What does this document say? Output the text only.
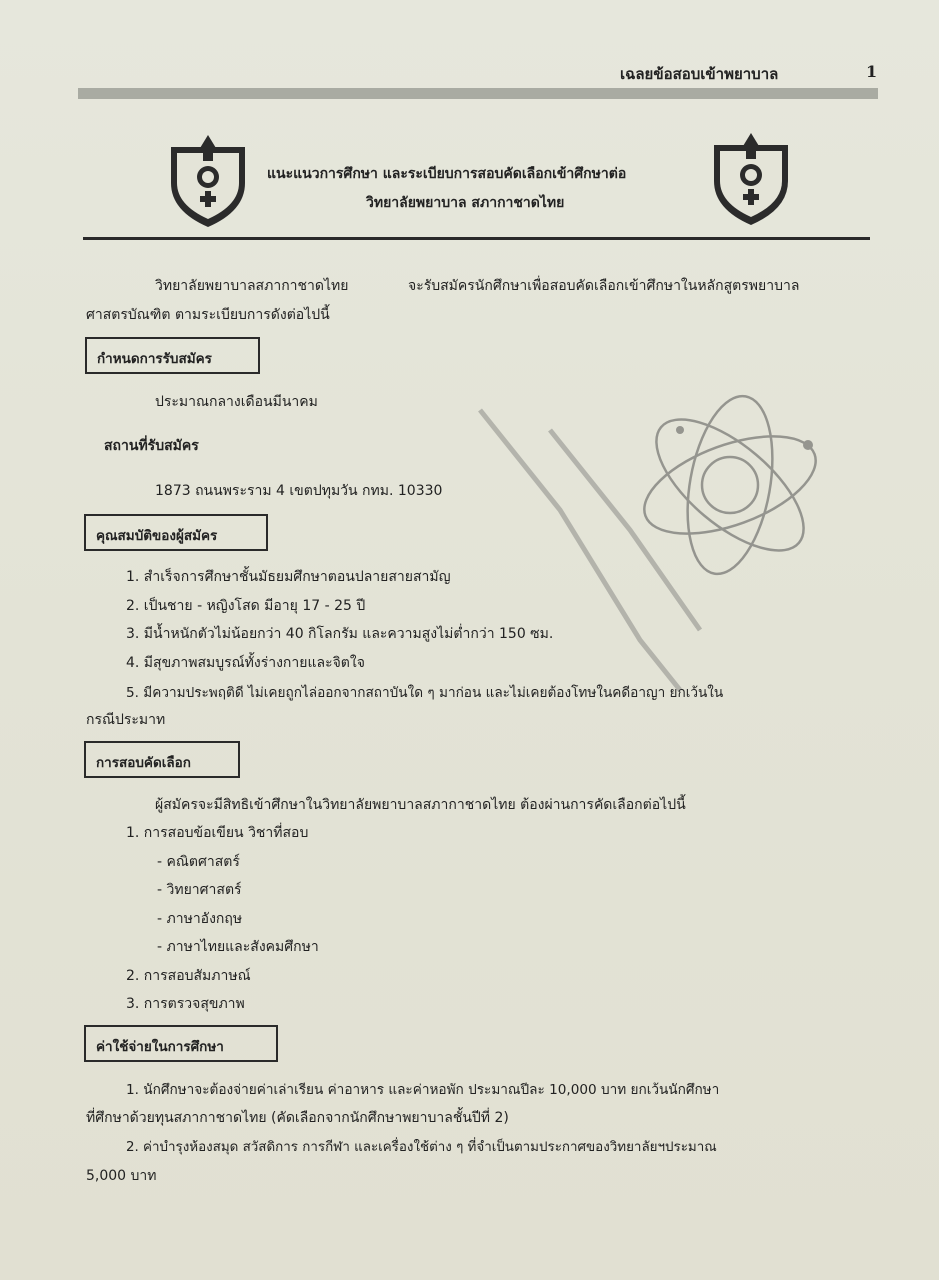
เฉลยข้อสอบเข้าพยาบาล	1
แนะแนวการศึกษา และระเบียบการสอบคัดเลือกเข้าศึกษาต่อ
วิทยาลัยพยาบาล สภากาชาดไทย
วิทยาลัยพยาบาลสภากาชาดไทย	จะรับสมัครนักศึกษาเพื่อสอบคัดเลือกเข้าศึกษาในหลักสูตรพยาบาล
ศาสตรบัณฑิต ตามระเบียบการดังต่อไปนี้
กำหนดการรับสมัคร
ประมาณกลางเดือนมีนาคม
สถานที่รับสมัคร
1873 ถนนพระราม 4 เขตปทุมวัน กทม. 10330
คุณสมบัติของผู้สมัคร
1. สำเร็จการศึกษาชั้นมัธยมศึกษาตอนปลายสายสามัญ
2. เป็นชาย - หญิงโสด มีอายุ 17 - 25 ปี
3. มีน้ำหนักตัวไม่น้อยกว่า 40 กิโลกรัม และความสูงไม่ต่ำกว่า 150 ซม.
4. มีสุขภาพสมบูรณ์ทั้งร่างกายและจิตใจ
5. มีความประพฤติดี ไม่เคยถูกไล่ออกจากสถาบันใด ๆ มาก่อน และไม่เคยต้องโทษในคดีอาญา ยกเว้นใน
กรณีประมาท
การสอบคัดเลือก
ผู้สมัครจะมีสิทธิเข้าศึกษาในวิทยาลัยพยาบาลสภากาชาดไทย ต้องผ่านการคัดเลือกต่อไปนี้
1. การสอบข้อเขียน วิชาที่สอบ
- คณิตศาสตร์
- วิทยาศาสตร์
- ภาษาอังกฤษ
- ภาษาไทยและสังคมศึกษา
2. การสอบสัมภาษณ์
3. การตรวจสุขภาพ
ค่าใช้จ่ายในการศึกษา
1. นักศึกษาจะต้องจ่ายค่าเล่าเรียน ค่าอาหาร และค่าหอพัก ประมาณปีละ 10,000 บาท ยกเว้นนักศึกษา
ที่ศึกษาด้วยทุนสภากาชาดไทย (คัดเลือกจากนักศึกษาพยาบาลชั้นปีที่ 2)
2. ค่าบำรุงห้องสมุด สวัสดิการ การกีฬา และเครื่องใช้ต่าง ๆ ที่จำเป็นตามประกาศของวิทยาลัยฯประมาณ
5,000 บาท
